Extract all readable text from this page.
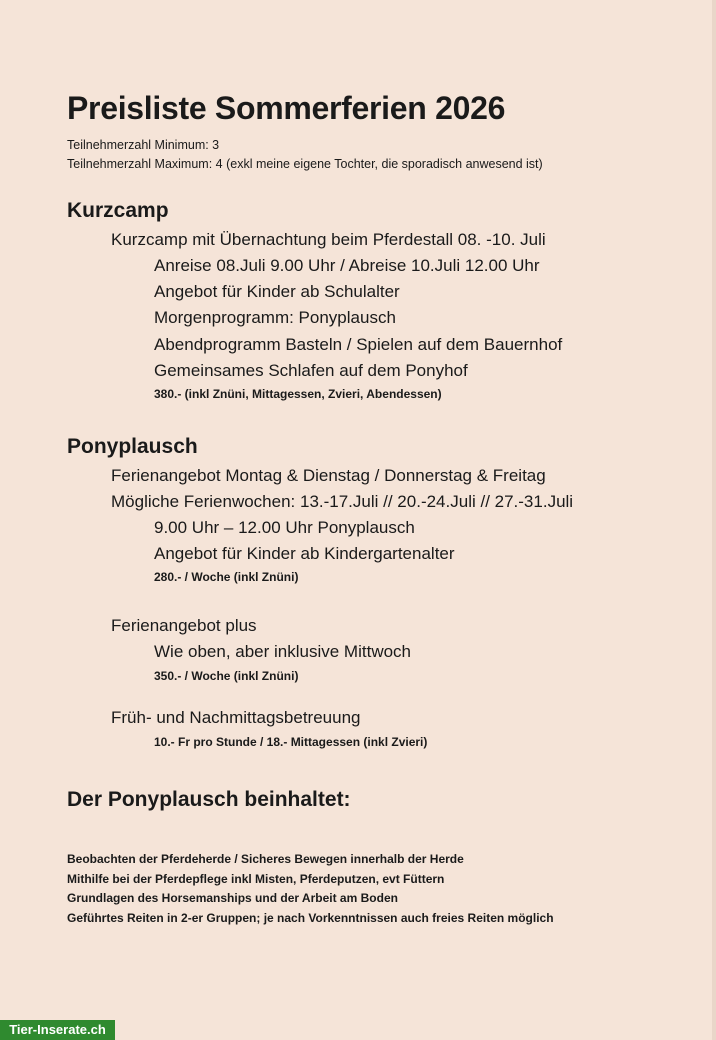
Preisliste Sommerferien 2026
Teilnehmerzahl Minimum: 3
Teilnehmerzahl Maximum: 4 (exkl meine eigene Tochter, die sporadisch anwesend ist)
Kurzcamp
Kurzcamp mit Übernachtung beim Pferdestall 08. -10. Juli
Anreise 08.Juli 9.00 Uhr / Abreise 10.Juli 12.00 Uhr
Angebot für Kinder ab Schulalter
Morgenprogramm: Ponyplausch
Abendprogramm Basteln / Spielen auf dem Bauernhof
Gemeinsames Schlafen auf dem Ponyhof
380.- (inkl Znüni, Mittagessen, Zvieri, Abendessen)
Ponyplausch
Ferienangebot Montag & Dienstag / Donnerstag & Freitag
Mögliche Ferienwochen: 13.-17.Juli // 20.-24.Juli // 27.-31.Juli
9.00 Uhr – 12.00 Uhr Ponyplausch
Angebot für Kinder ab Kindergartenalter
280.- / Woche (inkl Znüni)
Ferienangebot plus
Wie oben, aber inklusive Mittwoch
350.- / Woche (inkl Znüni)
Früh- und Nachmittagsbetreuung
10.- Fr pro Stunde / 18.- Mittagessen (inkl Zvieri)
Der Ponyplausch beinhaltet:
Beobachten der Pferdeherde / Sicheres Bewegen innerhalb der Herde
Mithilfe bei der Pferdepflege inkl Misten, Pferdeputzen, evt Füttern
Grundlagen des Horsemanships und der Arbeit am Boden
Geführtes Reiten in 2-er Gruppen; je nach Vorkenntnissen auch freies Reiten möglich
Tier-Inserate.ch
